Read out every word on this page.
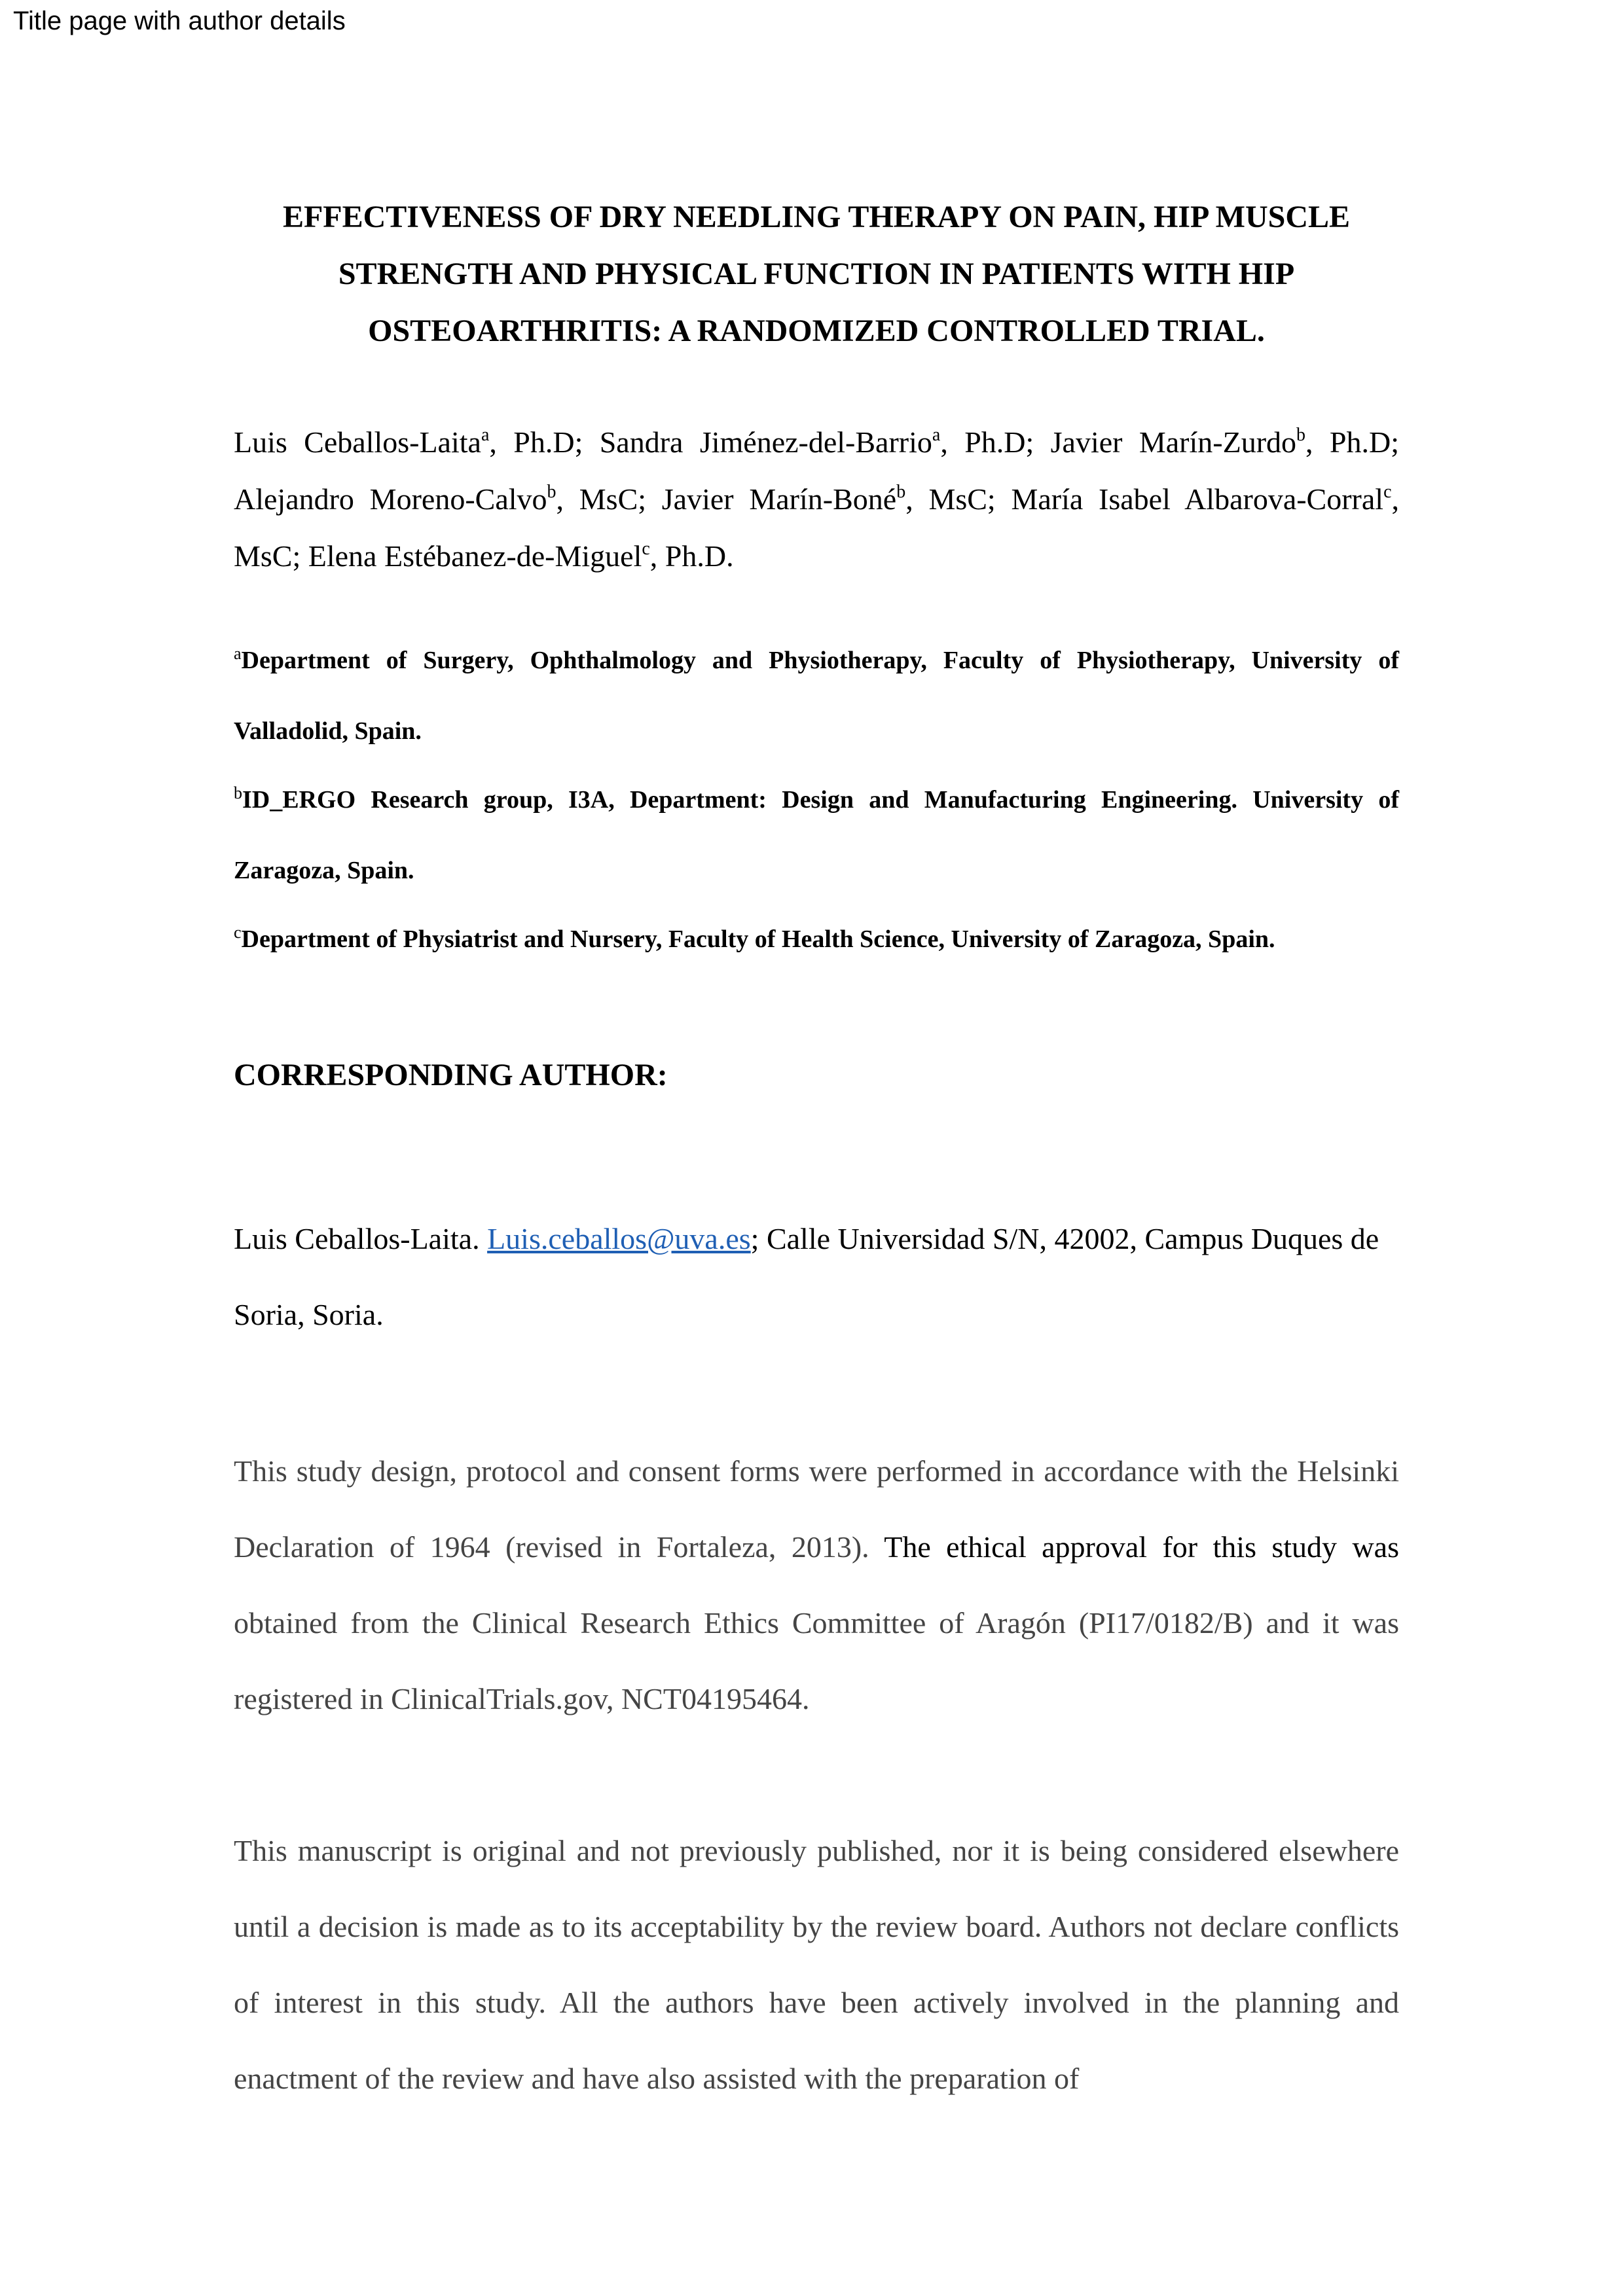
Title page with author details
EFFECTIVENESS OF DRY NEEDLING THERAPY ON PAIN, HIP MUSCLE STRENGTH AND PHYSICAL FUNCTION IN PATIENTS WITH HIP OSTEOARTHRITIS: A RANDOMIZED CONTROLLED TRIAL.
Luis Ceballos-Laita$^a$, Ph.D; Sandra Jiménez-del-Barrio$^a$, Ph.D; Javier Marín-Zurdo$^b$, Ph.D; Alejandro Moreno-Calvo$^b$, MsC; Javier Marín-Boné$^b$, MsC; María Isabel Albarova-Corral$^c$, MsC; Elena Estébanez-de-Miguel$^c$, Ph.D.

$^a$Department of Surgery, Ophthalmology and Physiotherapy, Faculty of Physiotherapy, University of Valladolid, Spain.

$^b$ID_ERGO Research group, I3A, Department: Design and Manufacturing Engineering. University of Zaragoza, Spain.

$^c$Department of Physiatrist and Nursery, Faculty of Health Science, University of Zaragoza, Spain.

CORRESPONDING AUTHOR:
Luis Ceballos-Laita. Luis.ceballos@uva.es; Calle Universidad S/N, 42002, Campus Duques de Soria, Soria.
This study design, protocol and consent forms were performed in accordance with the Helsinki Declaration of 1964 (revised in Fortaleza, 2013). The ethical approval for this study was obtained from the Clinical Research Ethics Committee of Aragón (PI17/0182/B) and it was registered in ClinicalTrials.gov, NCT04195464.
This manuscript is original and not previously published, nor it is being considered elsewhere until a decision is made as to its acceptability by the review board. Authors not declare conflicts of interest in this study. All the authors have been actively involved in the planning and enactment of the review and have also assisted with the preparation of
